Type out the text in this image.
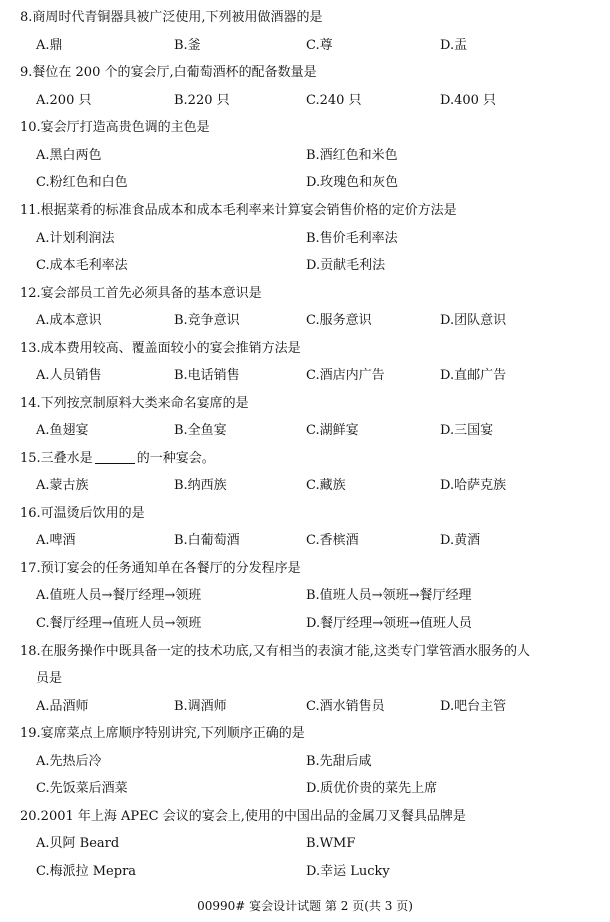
8.商周时代青铜器具被广泛使用,下列被用做酒器的是
A.鼎	B.釜	C.尊	D.盂
9.餐位在 200 个的宴会厅,白葡萄酒杯的配备数量是
A.200 只	B.220 只	C.240 只	D.400 只
10.宴会厅打造高贵色调的主色是
A.黑白两色	B.酒红色和米色
C.粉红色和白色	D.玫瑰色和灰色
11.根据菜肴的标准食品成本和成本毛利率来计算宴会销售价格的定价方法是
A.计划利润法	B.售价毛利率法
C.成本毛利率法	D.贡献毛利法
12.宴会部员工首先必须具备的基本意识是
A.成本意识	B.竞争意识	C.服务意识	D.团队意识
13.成本费用较高、覆盖面较小的宴会推销方法是
A.人员销售	B.电话销售	C.酒店内广告	D.直邮广告
14.下列按烹制原料大类来命名宴席的是
A.鱼翅宴	B.全鱼宴	C.湖鲜宴	D.三国宴
15.三叠水是	的一种宴会。
A.蒙古族	B.纳西族	C.藏族	D.哈萨克族
16.可温烫后饮用的是
A.啤酒	B.白葡萄酒	C.香槟酒	D.黄酒
17.预订宴会的任务通知单在各餐厅的分发程序是
A.值班人员→餐厅经理→领班	B.值班人员→领班→餐厅经理
C.餐厅经理→值班人员→领班	D.餐厅经理→领班→值班人员
18.在服务操作中既具备一定的技术功底,又有相当的表演才能,这类专门掌管酒水服务的人
员是
A.品酒师	B.调酒师	C.酒水销售员	D.吧台主管
19.宴席菜点上席顺序特别讲究,下列顺序正确的是
A.先热后冷	B.先甜后咸
C.先饭菜后酒菜	D.质优价贵的菜先上席
20.2001 年上海 APEC 会议的宴会上,使用的中国出品的金属刀叉餐具品牌是
A.贝阿 Beard	B.WMF
C.梅派拉 Mepra	D.幸运 Lucky
00990# 宴会设计试题 第 2 页(共 3 页)
